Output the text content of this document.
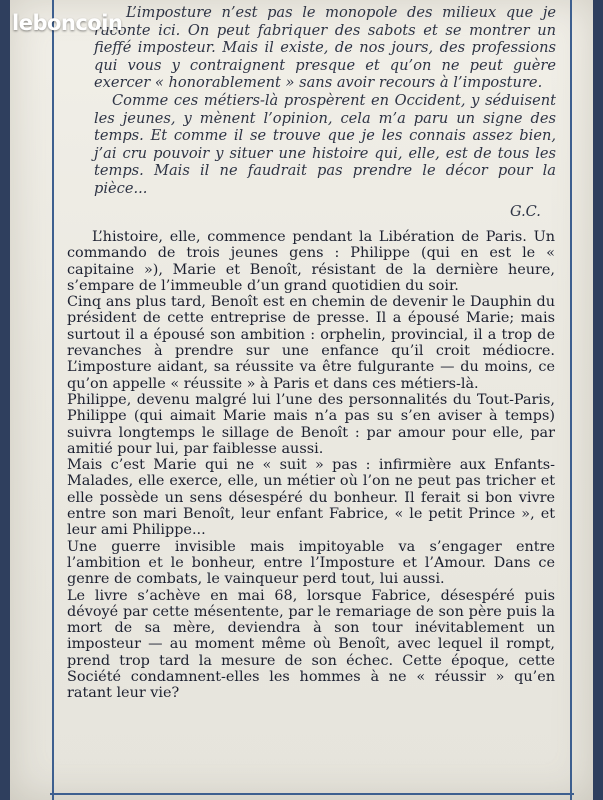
L’imposture n’est pas le monopole des milieux que je raconte ici. On peut fabriquer des sabots et se montrer un fieffé imposteur. Mais il existe, de nos jours, des professions qui vous y contraignent presque et qu’on ne peut guère exercer « honorablement » sans avoir recours à l’imposture.

Comme ces métiers-là prospèrent en Occident, y séduisent les jeunes, y mènent l’opinion, cela m’a paru un signe des temps. Et comme il se trouve que je les connais assez bien, j’ai cru pouvoir y situer une histoire qui, elle, est de tous les temps. Mais il ne faudrait pas prendre le décor pour la pièce...

G.C.

L’histoire, elle, commence pendant la Libération de Paris. Un commando de trois jeunes gens : Philippe (qui en est le « capitaine »), Marie et Benoît, résistant de la dernière heure, s’empare de l’immeuble d’un grand quotidien du soir.

Cinq ans plus tard, Benoît est en chemin de devenir le Dauphin du président de cette entreprise de presse. Il a épousé Marie; mais surtout il a épousé son ambition : orphelin, provincial, il a trop de revanches à prendre sur une enfance qu’il croit médiocre. L’imposture aidant, sa réussite va être fulgurante — du moins, ce qu’on appelle « réussite » à Paris et dans ces métiers-là.

Philippe, devenu malgré lui l’une des personnalités du Tout-Paris, Philippe (qui aimait Marie mais n’a pas su s’en aviser à temps) suivra longtemps le sillage de Benoît : par amour pour elle, par amitié pour lui, par faiblesse aussi.

Mais c’est Marie qui ne « suit » pas : infirmière aux Enfants-Malades, elle exerce, elle, un métier où l’on ne peut pas tricher et elle possède un sens désespéré du bonheur. Il ferait si bon vivre entre son mari Benoît, leur enfant Fabrice, « le petit Prince », et leur ami Philippe...

Une guerre invisible mais impitoyable va s’engager entre l’ambition et le bonheur, entre l’Imposture et l’Amour. Dans ce genre de combats, le vainqueur perd tout, lui aussi.

Le livre s’achève en mai 68, lorsque Fabrice, désespéré puis dévoyé par cette mésentente, par le remariage de son père puis la mort de sa mère, deviendra à son tour inévitablement un imposteur — au moment même où Benoît, avec lequel il rompt, prend trop tard la mesure de son échec. Cette époque, cette Société condamnent-elles les hommes à ne « réussir » qu’en ratant leur vie?

leboncoin
